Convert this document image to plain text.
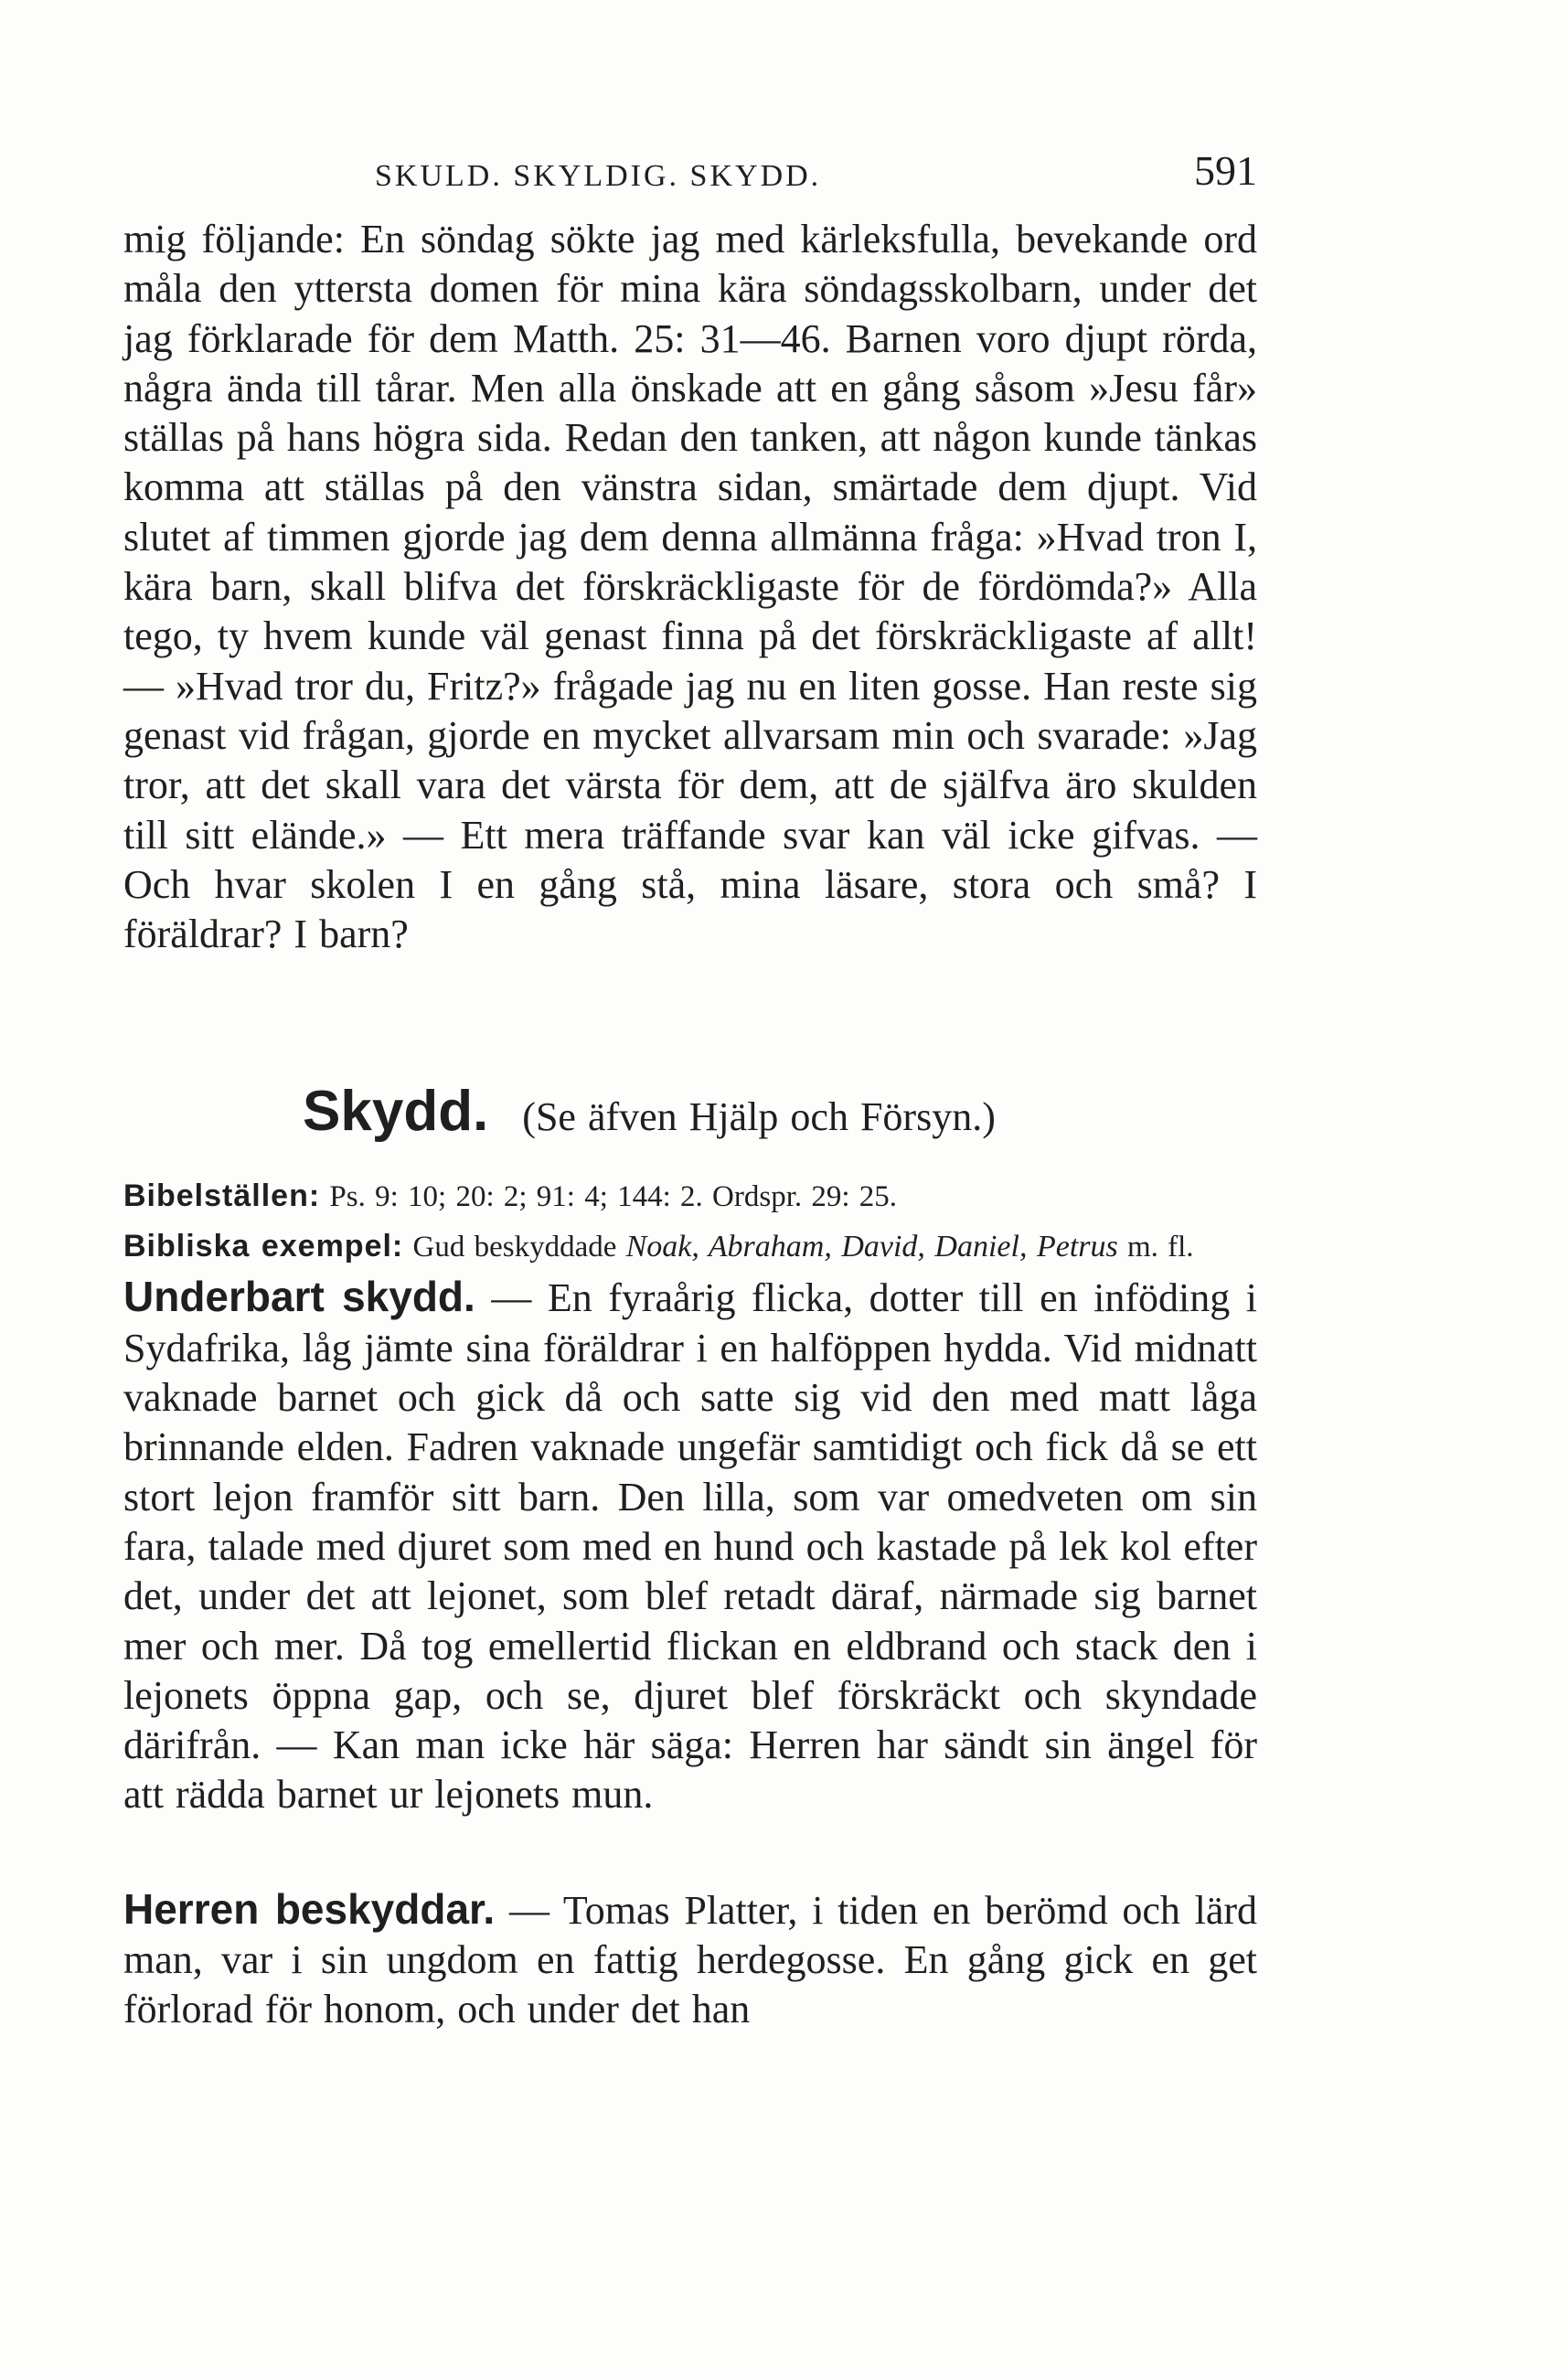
SKULD. SKYLDIG. SKYDD.	591

mig följande: En söndag sökte jag med kärleksfulla, bevekande ord måla den yttersta domen för mina kära söndagsskolbarn, under det jag förklarade för dem Matth. 25: 31—46. Barnen voro djupt rörda, några ända till tårar. Men alla önskade att en gång såsom »Jesu får» ställas på hans högra sida. Redan den tanken, att någon kunde tänkas komma att ställas på den vänstra sidan, smärtade dem djupt. Vid slutet af timmen gjorde jag dem denna allmänna fråga: »Hvad tron I, kära barn, skall blifva det förskräckligaste för de fördömda?» Alla tego, ty hvem kunde väl genast finna på det förskräckligaste af allt! — »Hvad tror du, Fritz?» frågade jag nu en liten gosse. Han reste sig genast vid frågan, gjorde en mycket allvarsam min och svarade: »Jag tror, att det skall vara det värsta för dem, att de själfva äro skulden till sitt elände.» — Ett mera träffande svar kan väl icke gifvas. — Och hvar skolen I en gång stå, mina läsare, stora och små? I föräldrar? I barn?

Skydd. (Se äfven Hjälp och Försyn.)
Bibelställen: Ps. 9: 10; 20: 2; 91: 4; 144: 2. Ordspr. 29: 25.
Bibliska exempel: Gud beskyddade Noak, Abraham, David, Daniel, Petrus m. fl.

Underbart skydd. — En fyraårig flicka, dotter till en inföding i Sydafrika, låg jämte sina föräldrar i en halföppen hydda. Vid midnatt vaknade barnet och gick då och satte sig vid den med matt låga brinnande elden. Fadren vaknade ungefär samtidigt och fick då se ett stort lejon framför sitt barn. Den lilla, som var omedveten om sin fara, talade med djuret som med en hund och kastade på lek kol efter det, under det att lejonet, som blef retadt däraf, närmade sig barnet mer och mer. Då tog emellertid flickan en eldbrand och stack den i lejonets öppna gap, och se, djuret blef förskräckt och skyndade därifrån. — Kan man icke här säga: Herren har sändt sin ängel för att rädda barnet ur lejonets mun.

Herren beskyddar. — Tomas Platter, i tiden en berömd och lärd man, var i sin ungdom en fattig herdegosse. En gång gick en get förlorad för honom, och under det han
